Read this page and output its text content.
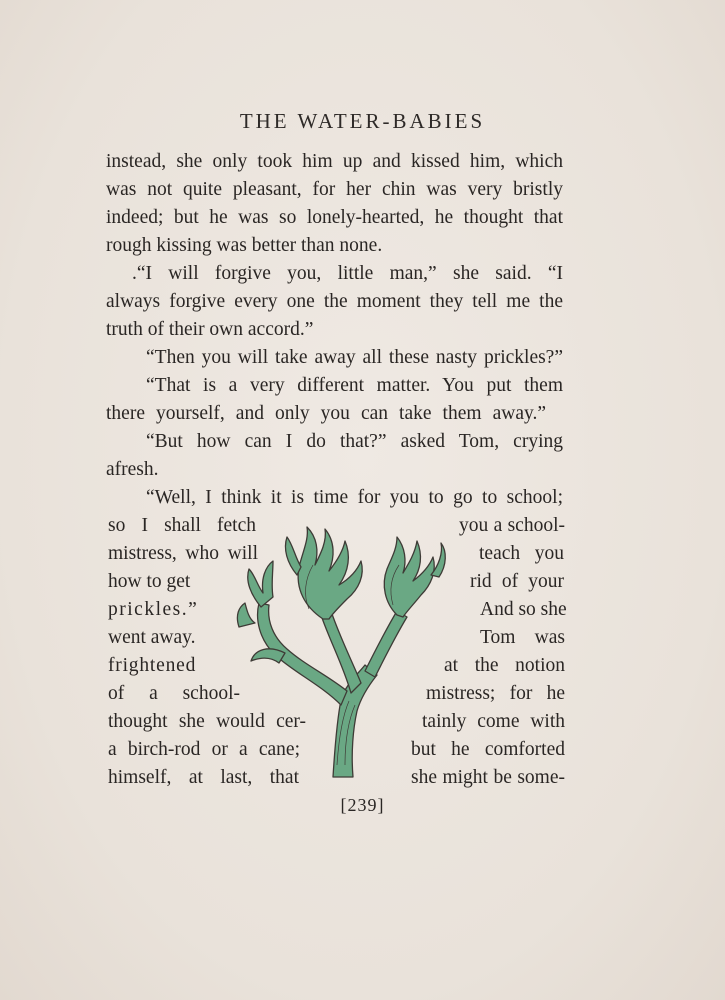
THE WATER-BABIES
instead, she only took him up and kissed him, which
was not quite pleasant, for her chin was very bristly
indeed; but he was so lonely-hearted, he thought that
rough kissing was better than none.
.“I will forgive you, little man,” she said. “I
always forgive every one the moment they tell me the
truth of their own accord.”
“Then you will take away all these nasty prickles?”
“That is a very different matter. You put them
there yourself, and only you can take them away.”
“But how can I do that?” asked Tom, crying
afresh.
“Well, I think it is time for you to go to school;
so I shall fetch
mistress, who will
how to get
prickles.”
went away.
frightened
of a school-
thought she would cer-
a birch-rod or a cane;
himself, at last, that
you a school-
teach you
rid of your
And so she
Tom was
at the notion
mistress; for he
tainly come with
but he comforted
she might be some-
[239]
